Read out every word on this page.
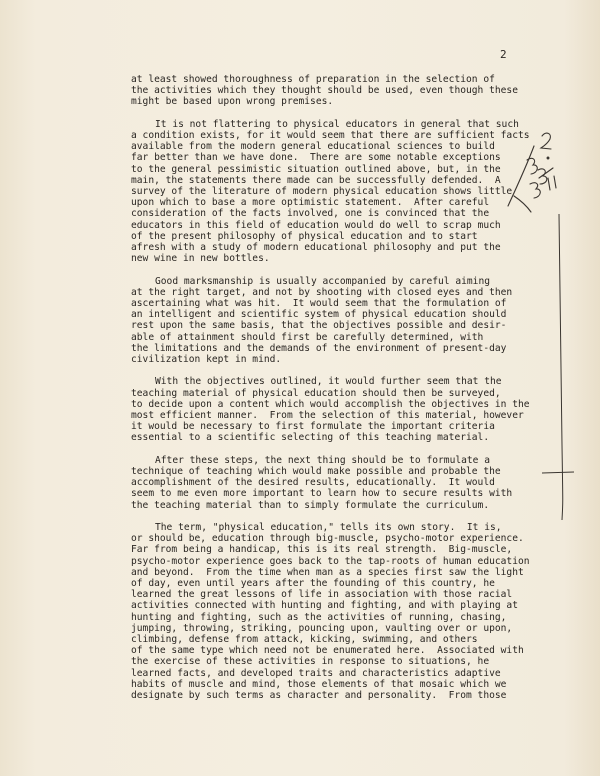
2
at least showed thoroughness of preparation in the selection of
the activities which they thought should be used, even though these
might be based upon wrong premises.
It is not flattering to physical educators in general that such
a condition exists, for it would seem that there are sufficient facts
available from the modern general educational sciences to build
far better than we have done.  There are some notable exceptions
to the general pessimistic situation outlined above, but, in the
main, the statements there made can be successfully defended.  A
survey of the literature of modern physical education shows little
upon which to base a more optimistic statement.  After careful
consideration of the facts involved, one is convinced that the
educators in this field of education would do well to scrap much
of the present philosophy of physical education and to start
afresh with a study of modern educational philosophy and put the
new wine in new bottles.
Good marksmanship is usually accompanied by careful aiming
at the right target, and not by shooting with closed eyes and then
ascertaining what was hit.  It would seem that the formulation of
an intelligent and scientific system of physical education should
rest upon the same basis, that the objectives possible and desir-
able of attainment should first be carefully determined, with
the limitations and the demands of the environment of present-day
civilization kept in mind.
With the objectives outlined, it would further seem that the
teaching material of physical education should then be surveyed,
to decide upon a content which would accomplish the objectives in the
most efficient manner.  From the selection of this material, however
it would be necessary to first formulate the important criteria
essential to a scientific selecting of this teaching material.
After these steps, the next thing should be to formulate a
technique of teaching which would make possible and probable the
accomplishment of the desired results, educationally.  It would
seem to me even more important to learn how to secure results with
the teaching material than to simply formulate the curriculum.
The term, "physical education," tells its own story.  It is,
or should be, education through big-muscle, psycho-motor experience.
Far from being a handicap, this is its real strength.  Big-muscle,
psycho-motor experience goes back to the tap-roots of human education
and beyond.  From the time when man as a species first saw the light
of day, even until years after the founding of this country, he
learned the great lessons of life in association with those racial
activities connected with hunting and fighting, and with playing at
hunting and fighting, such as the activities of running, chasing,
jumping, throwing, striking, pouncing upon, vaulting over or upon,
climbing, defense from attack, kicking, swimming, and others
of the same type which need not be enumerated here.  Associated with
the exercise of these activities in response to situations, he
learned facts, and developed traits and characteristics adaptive
habits of muscle and mind, those elements of that mosaic which we
designate by such terms as character and personality.  From those
